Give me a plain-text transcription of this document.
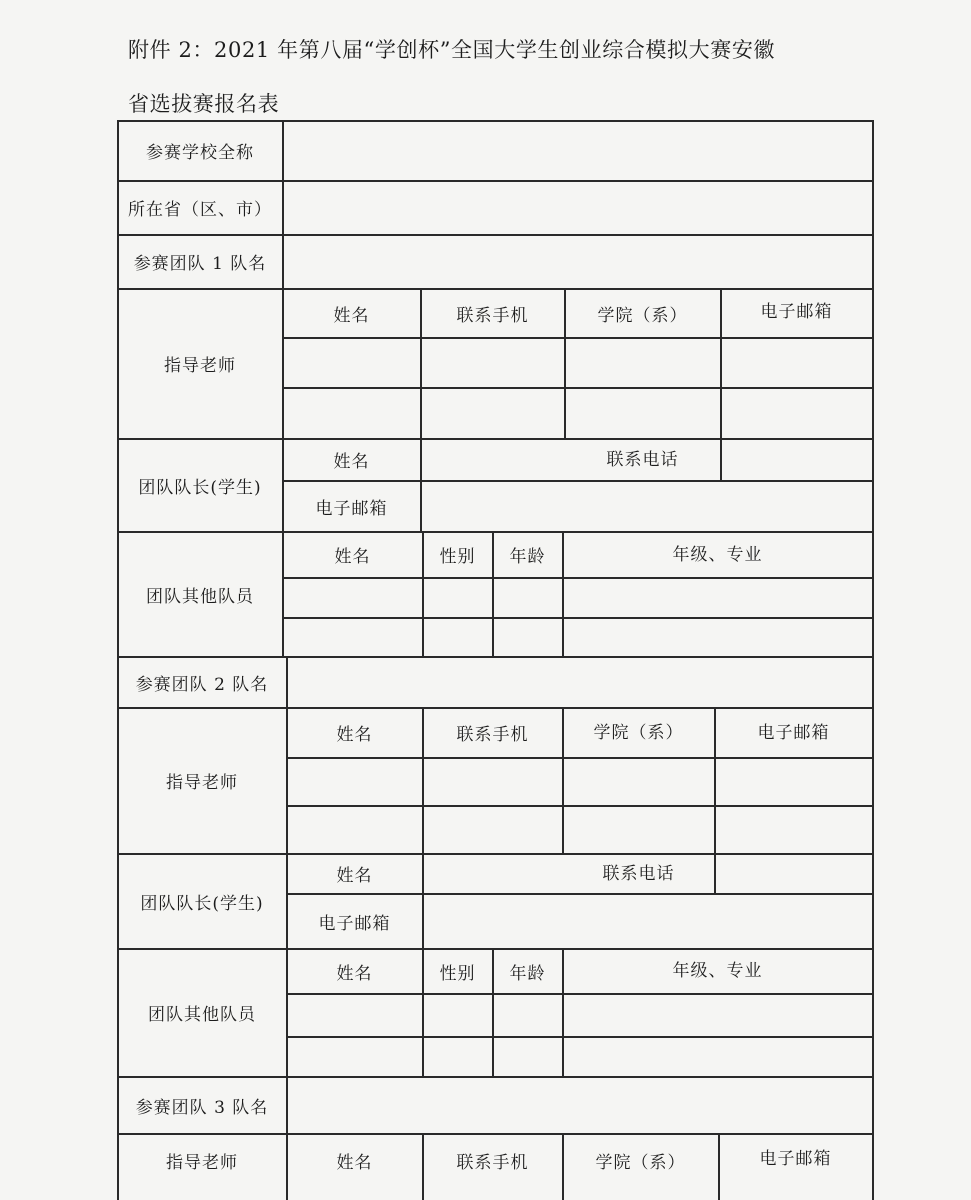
附件 2：2021 年第八届“学创杯”全国大学生创业综合模拟大赛安徽
省选拔赛报名表
参赛学校全称
所在省（区、市）
参赛团队 1 队名
指导老师
姓名	联系手机	学院（系）	电子邮箱
团队队长(学生)
姓名	联系电话
电子邮箱
团队其他队员
姓名	性别	年龄	年级、专业
参赛团队 2 队名
指导老师
姓名	联系手机	学院（系）	电子邮箱
团队队长(学生)
姓名	联系电话
电子邮箱
团队其他队员
姓名	性别	年龄	年级、专业
参赛团队 3 队名
指导老师	姓名	联系手机	学院（系）	电子邮箱
